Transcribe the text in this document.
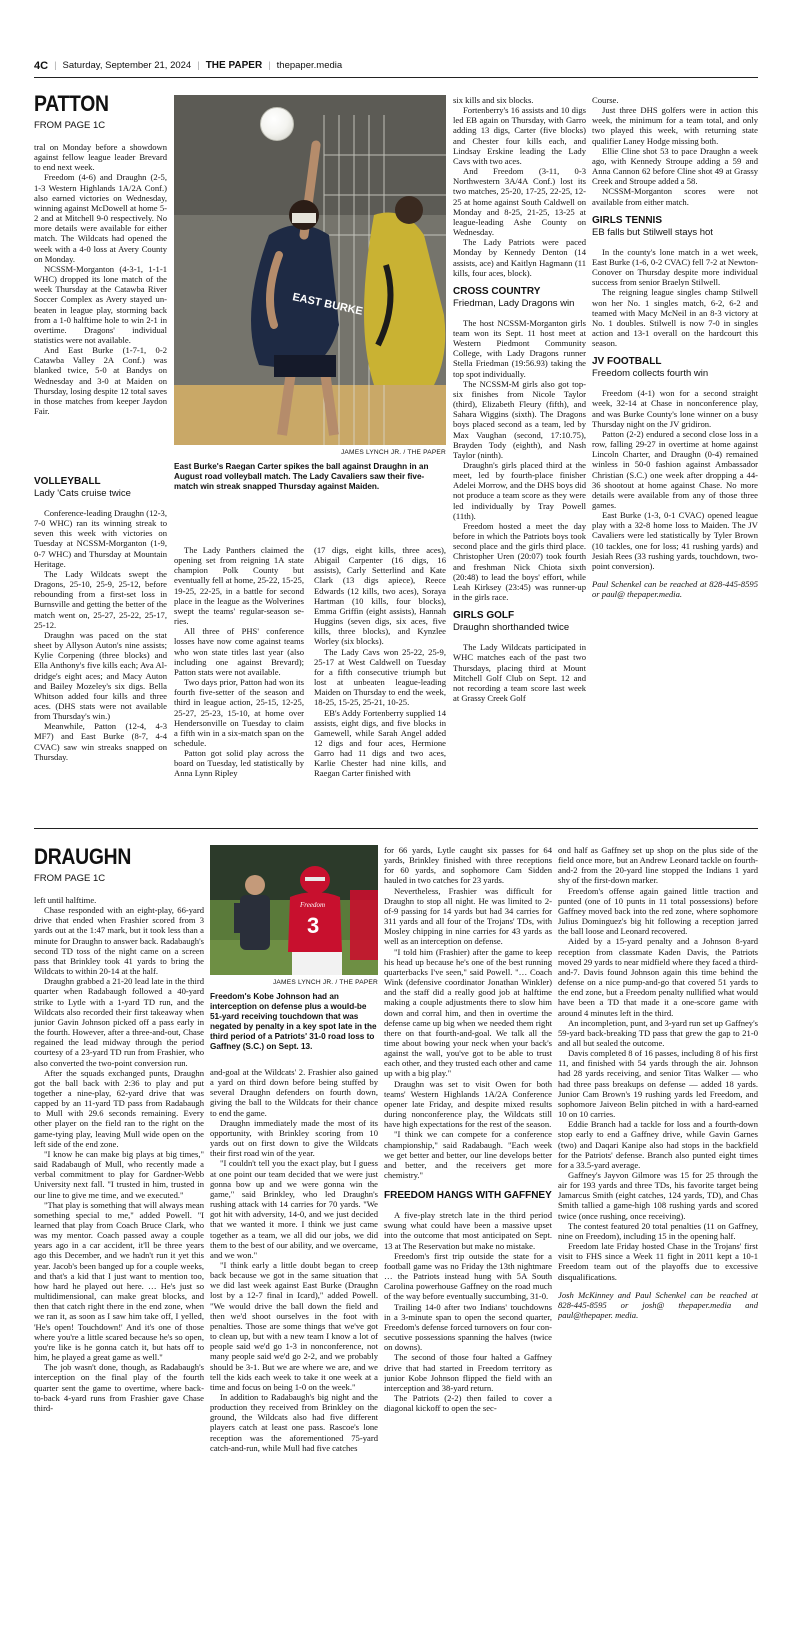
4C | Saturday, September 21, 2024 | THE PAPER | thepaper.media
PATTON
FROM PAGE 1C

tral on Monday before a showdown against fellow league leader Brevard to end next week.

Freedom (4-6) and Draughn (2-5, 1-3 Western Highlands 1A/2A Conf.) also earned victories on Wednesday, winning against McDowell at home 5-2 and at Mitchell 9-0 respectively. No more details were available for either match. The Wildcats had opened the week with a 4-0 loss at Avery County on Monday.

NCSSM-Morganton (4-3-1, 1-1-1 WHC) dropped its lone match of the week Thursday at the Catawba River Soccer Complex as Avery stayed unbeaten in league play, storming back from a 1-0 halftime hole to win 2-1 in overtime. Dragons' individual statistics were not available.

And East Burke (1-7-1, 0-2 Catawba Valley 2A Conf.) was blanked twice, 5-0 at Bandys on Wednesday and 3-0 at Maiden on Thursday, losing despite 12 total saves in those matches from keeper Jaydon Fair.

VOLLEYBALL
Lady 'Cats cruise twice

Conference-leading Draughn (12-3, 7-0 WHC) ran its winning streak to seven this week with victories on Tuesday at NCSSM-Morganton (1-9, 0-7 WHC) and Thursday at Mountain Heritage.

The Lady Wildcats swept the Dragons, 25-10, 25-9, 25-12, before rebounding from a first-set loss in Burnsville and getting the better of the match went on, 25-27, 25-22, 25-17, 25-12.

Draughn was paced on the stat sheet by Allyson Auton's nine assists; Kylie Corpening (three blocks) and Ella Anthony's five kills each; Ava Aldridge's eight aces; and Macy Auton and Bailey Mozeley's six digs. Bella Whitson added four kills and three aces. (DHS stats were not available from Thursday's win.)

Meanwhile, Patton (12-4, 4-3 MF7) and East Burke (8-7, 4-4 CVAC) saw win streaks snapped on Thursday.

EAST BURKE
JAMES LYNCH JR. / THE PAPER
East Burke's Raegan Carter spikes the ball against Draughn in an August road volleyball match. The Lady Cavaliers saw their five-match win streak snapped Thursday against Maiden.

The Lady Panthers claimed the opening set from reigning 1A state champion Polk County but eventually fell at home, 25-22, 15-25, 19-25, 22-25, in a battle for second place in the league as the Wolverines swept the teams' regular-season series.

All three of PHS' conference losses have now come against teams who won state titles last year (also including one against Brevard); Patton stats were not available.

Two days prior, Patton had won its fourth five-setter of the season and third in league action, 25-15, 12-25, 25-27, 25-23, 15-10, at home over Hendersonville on Tuesday to claim a fifth win in a six-match span on the schedule.

Patton got solid play across the board on Tuesday, led statistically by Anna Lynn Ripley

(17 digs, eight kills, three aces), Abigail Carpenter (16 digs, 16 assists), Carly Setterlind and Kate Clark (13 digs apiece), Reece Edwards (12 kills, two aces), Soraya Hartman (10 kills, four blocks), Emma Griffin (eight assists), Hannah Huggins (seven digs, six aces, five kills, three blocks), and Kynzlee Worley (six blocks).

The Lady Cavs won 25-22, 25-9, 25-17 at West Caldwell on Tuesday for a fifth consecutive triumph but lost at unbeaten league-leading Maiden on Thursday to end the week, 18-25, 15-25, 25-21, 10-25.

EB's Addy Fortenberry supplied 14 assists, eight digs, and five blocks in Gamewell, while Sarah Angel added 12 digs and four aces, Hermione Garro had 11 digs and two aces, Karlie Chester had nine kills, and Raegan Carter finished with

six kills and six blocks.

Fortenberry's 16 assists and 10 digs led EB again on Thursday, with Garro adding 13 digs, Carter (five blocks) and Chester four kills each, and Lindsay Erskine leading the Lady Cavs with two aces.

And Freedom (3-11, 0-3 Northwestern 3A/4A Conf.) lost its two matches, 25-20, 17-25, 22-25, 12-25 at home against South Caldwell on Monday and 8-25, 21-25, 13-25 at league-leading Ashe County on Wednesday.

The Lady Patriots were paced Monday by Kennedy Denton (14 assists, ace) and Kaitlyn Hagmann (11 kills, four aces, block).

CROSS COUNTRY
Friedman, Lady Dragons win

The host NCSSM-Morganton girls team won its Sept. 11 host meet at Western Piedmont Community College, with Lady Dragons runner Stella Friedman (19:56.93) taking the top spot individually.

The NCSSM-M girls also got top-six finishes from Nicole Taylor (third), Elizabeth Fleury (fifth), and Sahara Wiggins (sixth). The Dragons boys placed second as a team, led by Max Vaughan (second, 17:10.75), Brayden Tody (eighth), and Nash Taylor (ninth).

Draughn's girls placed third at the meet, led by fourth-place finisher Adelei Morrow, and the DHS boys did not produce a team score as they were led individually by Tray Powell (11th).

Freedom hosted a meet the day before in which the Patriots boys took second place and the girls third place. Christopher Uren (20:07) took fourth and freshman Nick Chiota sixth (20:48) to lead the boys' effort, while Leah Kirksey (23:45) was runner-up in the girls race.

GIRLS GOLF
Draughn shorthanded twice

The Lady Wildcats participated in WHC matches each of the past two Thursdays, placing third at Mount Mitchell Golf Club on Sept. 12 and not recording a team score last week at Grassy Creek Golf

Course.

Just three DHS golfers were in action this week, the minimum for a team total, and only two played this week, with returning state qualifier Laney Hodge missing both.

Ellie Cline shot 53 to pace Draughn a week ago, with Kennedy Stroupe adding a 59 and Anna Cannon 62 before Cline shot 49 at Grassy Creek and Stroupe added a 58.

NCSSM-Morganton scores were not available from either match.

GIRLS TENNIS
EB falls but Stilwell stays hot

In the county's lone match in a wet week, East Burke (1-6, 0-2 CVAC) fell 7-2 at Newton-Conover on Thursday despite more individual success from senior Braelyn Stilwell.

The reigning league singles champ Stilwell won her No. 1 singles match, 6-2, 6-2 and teamed with Macy McNeil in an 8-3 victory at No. 1 doubles. Stilwell is now 7-0 in singles action and 13-1 overall on the hardcourt this season.

JV FOOTBALL
Freedom collects fourth win

Freedom (4-1) won for a second straight week, 32-14 at Chase in nonconference play, and was Burke County's lone winner on a busy Thursday night on the JV gridiron.

Patton (2-2) endured a second close loss in a row, falling 29-27 in overtime at home against Lincoln Charter, and Draughn (0-4) remained winless in 50-0 fashion against Ambassador Christian (S.C.) one week after dropping a 44-36 shootout at home against Chase. No more details were available from any of those three games.

East Burke (1-3, 0-1 CVAC) opened league play with a 32-8 home loss to Maiden. The JV Cavaliers were led statistically by Tyler Brown (10 tackles, one for loss; 41 rushing yards) and Jesiah Rees (33 rushing yards, touchdown, two-point conversion).

Paul Schenkel can be reached at 828-445-8595 or paul@ thepaper.media.

DRAUGHN
FROM PAGE 1C

left until halftime.

Chase responded with an eight-play, 66-yard drive that ended when Frashier scored from 3 yards out at the 1:47 mark, but it took less than a minute for Draughn to answer back. Radabaugh's second TD toss of the night came on a screen pass that Brinkley took 41 yards to bring the Wildcats to within 20-14 at the half.

Draughn grabbed a 21-20 lead late in the third quarter when Radabaugh followed a 40-yard strike to Lytle with a 1-yard TD run, and the Wildcats also recorded their first takeaway when junior Gavin Johnson picked off a pass early in the fourth. However, after a three-and-out, Chase regained the lead midway through the period courtesy of a 23-yard TD run from Frashier, who also converted the two-point conversion run.

After the squads exchanged punts, Draughn got the ball back with 2:36 to play and put together a nine-play, 62-yard drive that was capped by an 11-yard TD pass from Radabaugh to Mull with 29.6 seconds remaining. Every other player on the field ran to the right on the game-tying play, leaving Mull wide open on the left side of the end zone.

"I know he can make big plays at big times," said Radabaugh of Mull, who recently made a verbal commitment to play for Gardner-Webb University next fall. "I trusted in him, trusted in our line to give me time, and we executed."

"That play is something that will always mean something special to me," added Powell. "I learned that play from Coach Bruce Clark, who was my mentor. Coach passed away a couple years ago in a car accident, it'll be three years ago this December, and we hadn't run it yet this year. Jacob's been banged up for a couple weeks, and that's a kid that I just want to mention too, how hard he played out here. … He's just so multidimensional, can make great blocks, and then that catch right there in the end zone, when we ran it, as soon as I saw him take off, I yelled, 'He's open! Touchdown!' And it's one of those where you're a little scared because he's so open, you're like is he gonna catch it, but hats off to him, he played a great game as well."

The job wasn't done, though, as Radabaugh's interception on the final play of the fourth quarter sent the game to overtime, where back-to-back 4-yard runs from Frashier gave Chase third-

3
Freedom
JAMES LYNCH JR. / THE PAPER
Freedom's Kobe Johnson had an interception on defense plus a would-be 51-yard receiving touchdown that was negated by penalty in a key spot late in the third period of a Patriots' 31-0 road loss to Gaffney (S.C.) on Sept. 13.

and-goal at the Wildcats' 2. Frashier also gained a yard on third down before being stuffed by several Draughn defenders on fourth down, giving the ball to the Wildcats for their chance to end the game.

Draughn immediately made the most of its opportunity, with Brinkley scoring from 10 yards out on first down to give the Wildcats their first road win of the year.

"I couldn't tell you the exact play, but I guess at one point our team decided that we were just gonna bow up and we were gonna win the game," said Brinkley, who led Draughn's rushing attack with 14 carries for 70 yards. "We got hit with adversity, 14-0, and we just decided that we wanted it more. I think we just came together as a team, we all did our jobs, we did them to the best of our ability, and we overcame, and we won."

"I think early a little doubt began to creep back because we got in the same situation that we did last week against East Burke (Draughn lost by a 12-7 final in Icard)," added Powell. "We would drive the ball down the field and then we'd shoot ourselves in the foot with penalties. Those are some things that we've got to clean up, but with a new team I know a lot of people said we'd go 1-3 in nonconference, not many people said we'd go 2-2, and we probably should be 3-1. But we are where we are, and we tell the kids each week to take it one week at a time and focus on being 1-0 on the week."

In addition to Radabaugh's big night and the production they received from Brinkley on the ground, the Wildcats also had five different players catch at least one pass. Rascoe's lone reception was the aforementioned 75-yard catch-and-run, while Mull had five catches

for 66 yards, Lytle caught six passes for 64 yards, Brinkley finished with three receptions for 60 yards, and sophomore Cam Sidden hauled in two catches for 23 yards.

Nevertheless, Frashier was difficult for Draughn to stop all night. He was limited to 2-of-9 passing for 14 yards but had 34 carries for 311 yards and all four of the Trojans' TDs, with Mosley chipping in nine carries for 43 yards as well as an interception on defense.

"I told him (Frashier) after the game to keep his head up because he's one of the best running quarterbacks I've seen," said Powell. "… Coach Wink (defensive coordinator Jonathan Winkler) and the staff did a really good job at halftime making a couple adjustments there to slow him down and corral him, and then in overtime the defense came up big when we needed them right there on that fourth-and-goal. We talk all the time about bowing your neck when your back's against the wall, you've got to be able to trust each other, and they trusted each other and came up with a big play."

Draughn was set to visit Owen for both teams' Western Highlands 1A/2A Conference opener late Friday, and despite mixed results during nonconference play, the Wildcats still have high expectations for the rest of the season.

"I think we can compete for a conference championship," said Radabaugh. "Each week we get better and better, our line develops better and better, and the receivers get more chemistry."

FREEDOM HANGS WITH GAFFNEY

A five-play stretch late in the third period swung what could have been a massive upset into the outcome that most anticipated on Sept. 13 at The Reservation but make no mistake.

Freedom's first trip outside the state for a football game was no Friday the 13th nightmare … the Patriots instead hung with 5A South Carolina powerhouse Gaffney on the road much of the way before eventually succumbing, 31-0.

Trailing 14-0 after two Indians' touchdowns in a 3-minute span to open the second quarter, Freedom's defense forced turnovers on four consecutive possessions spanning the halves (twice on downs).

The second of those four halted a Gaffney drive that had started in Freedom territory as junior Kobe Johnson flipped the field with an interception and 38-yard return.

The Patriots (2-2) then failed to cover a diagonal kickoff to open the sec-

ond half as Gaffney set up shop on the plus side of the field once more, but an Andrew Leonard tackle on fourth-and-2 from the 20-yard line stopped the Indians 1 yard shy of the first-down marker.

Freedom's offense again gained little traction and punted (one of 10 punts in 11 total possessions) before Gaffney moved back into the red zone, where sophomore Julius Dominguez's big hit following a reception jarred the ball loose and Leonard recovered.

Aided by a 15-yard penalty and a Johnson 8-yard reception from classmate Kaden Davis, the Patriots moved 29 yards to near midfield where they faced a third-and-7. Davis found Johnson again this time behind the defense on a nice pump-and-go that covered 51 yards to the end zone, but a Freedom penalty nullified what would have been a TD that made it a one-score game with around 4 minutes left in the third.

An incompletion, punt, and 3-yard run set up Gaffney's 59-yard back-breaking TD pass that grew the gap to 21-0 and all but sealed the outcome.

Davis completed 8 of 16 passes, including 8 of his first 11, and finished with 54 yards through the air. Johnson had 28 yards receiving, and senior Titas Walker — who had three pass breakups on defense — added 18 yards. Junior Cam Brown's 19 rushing yards led Freedom, and sophomore Jaiveon Belin pitched in with a hard-earned 10 on 10 carries.

Eddie Branch had a tackle for loss and a fourth-down stop early to end a Gaffney drive, while Gavin Garnes (two) and Daqari Kanipe also had stops in the backfield for the Patriots' defense. Branch also punted eight times for a 33.5-yard average.

Gaffney's Jayvon Gilmore was 15 for 25 through the air for 193 yards and three TDs, his favorite target being Jamarcus Smith (eight catches, 124 yards, TD), and Chas Smith tallied a game-high 108 rushing yards and scored twice (once rushing, once receiving).

The contest featured 20 total penalties (11 on Gaffney, nine on Freedom), including 15 in the opening half.

Freedom late Friday hosted Chase in the Trojans' first visit to FHS since a Week 11 fight in 2011 kept a 10-1 Freedom team out of the playoffs due to excessive disqualifications.

Josh McKinney and Paul Schenkel can be reached at 828-445-8595 or josh@ thepaper.media and paul@thepaper. media.
